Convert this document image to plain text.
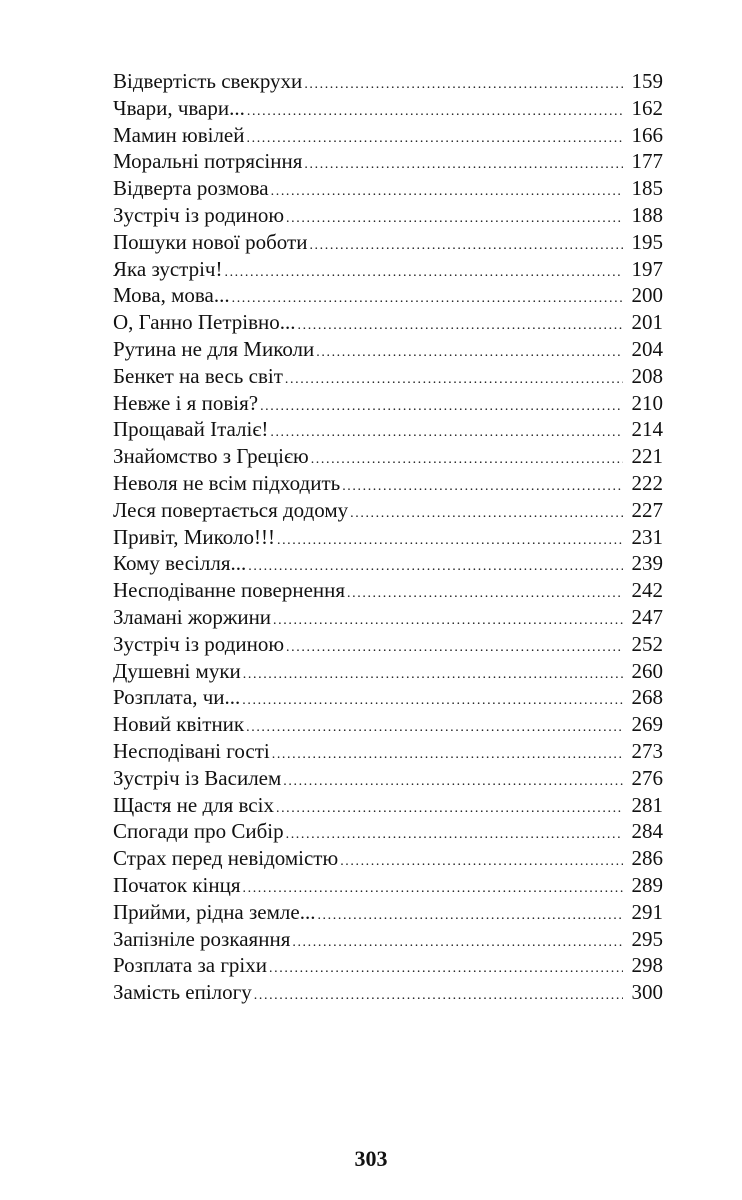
Відвертість свекрухи .....	159
Чвари, чвари... .....	162
Мамин ювілей .....	166
Моральні потрясіння .....	177
Відверта розмова .....	185
Зустріч із родиною .....	188
Пошуки нової роботи .....	195
Яка зустріч! .....	197
Мова, мова... .....	200
О, Ганно Петрівно... .....	201
Рутина не для Миколи .....	204
Бенкет на весь світ .....	208
Невже і я повія? .....	210
Прощавай Італіє! .....	214
Знайомство з Грецією .....	221
Неволя не всім підходить .....	222
Леся повертається додому .....	227
Привіт, Миколо!!! .....	231
Кому весілля... .....	239
Несподіванне повернення .....	242
Зламані жоржини .....	247
Зустріч із родиною .....	252
Душевні муки .....	260
Розплата, чи... .....	268
Новий квітник .....	269
Несподівані гості .....	273
Зустріч із Василем .....	276
Щастя не для всіх .....	281
Спогади про Сибір .....	284
Страх перед невідомістю .....	286
Початок кінця .....	289
Прийми, рідна земле... .....	291
Запізніле розкаяння .....	295
Розплата за гріхи .....	298
Замість епілогу .....	300
303
